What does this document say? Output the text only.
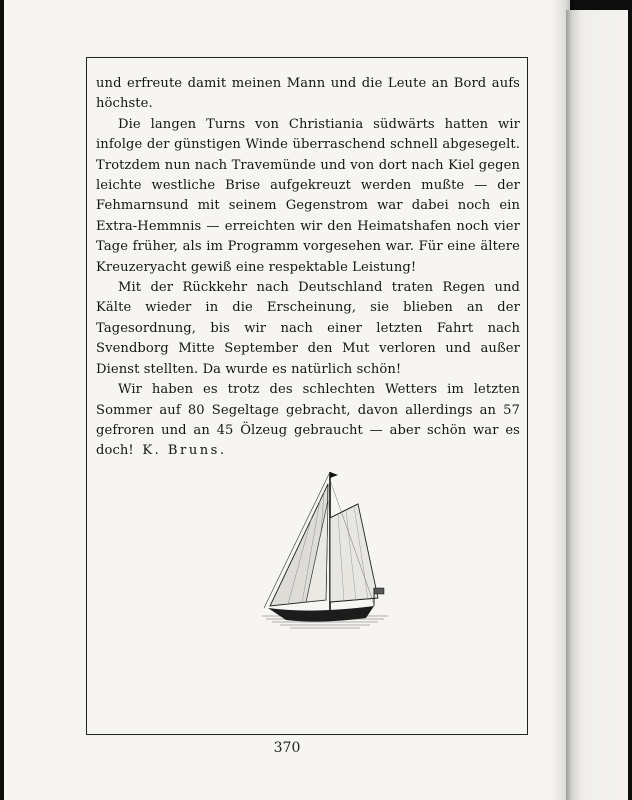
und erfreute damit meinen Mann und die Leute an Bord aufs höchste.

Die langen Turns von Christiania südwärts hatten wir infolge der günstigen Winde überraschend schnell abgesegelt. Trotzdem nun nach Travemünde und von dort nach Kiel gegen leichte westliche Brise aufgekreuzt werden mußte — der Fehmarnsund mit seinem Gegenstrom war dabei noch ein Extra-Hemmnis — erreichten wir den Heimatshafen noch vier Tage früher, als im Programm vorgesehen war. Für eine ältere Kreuzeryacht gewiß eine respektable Leistung!

Mit der Rückkehr nach Deutschland traten Regen und Kälte wieder in die Erscheinung, sie blieben an der Tagesordnung, bis wir nach einer letzten Fahrt nach Svendborg Mitte September den Mut verloren und außer Dienst stellten. Da wurde es natürlich schön!

Wir haben es trotz des schlechten Wetters im letzten Sommer auf 80 Segeltage gebracht, davon allerdings an 57 gefroren und an 45 Ölzeug gebraucht — aber schön war es doch! K. Bruns.

370
